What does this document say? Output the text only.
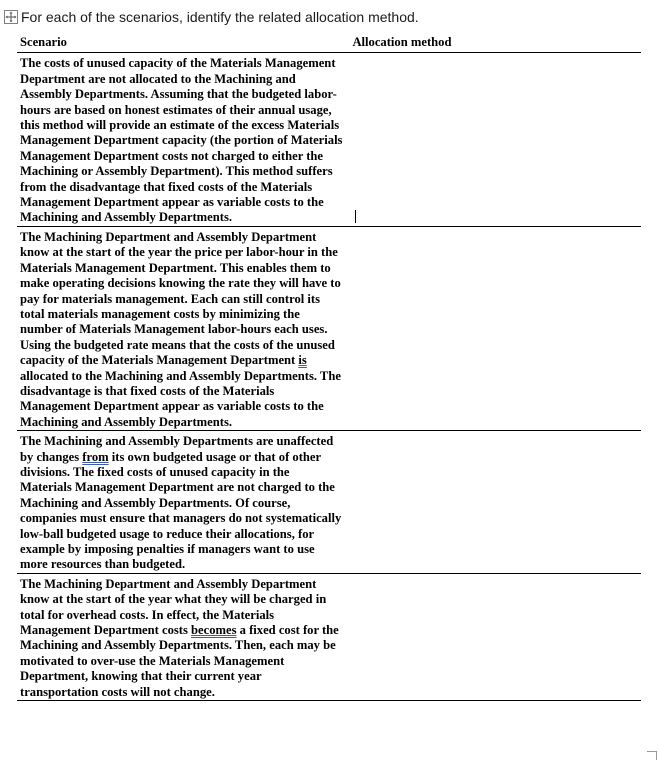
For each of the scenarios, identify the related allocation method.
Scenario	Allocation method

The costs of unused capacity of the Materials Management Department are not allocated to the Machining and Assembly Departments. Assuming that the budgeted labor-hours are based on honest estimates of their annual usage, this method will provide an estimate of the excess Materials Management Department capacity (the portion of Materials Management Department costs not charged to either the Machining or Assembly Department). This method suffers from the disadvantage that fixed costs of the Materials Management Department appear as variable costs to the Machining and Assembly Departments.	

The Machining Department and Assembly Department know at the start of the year the price per labor-hour in the Materials Management Department. This enables them to make operating decisions knowing the rate they will have to pay for materials management. Each can still control its total materials management costs by minimizing the number of Materials Management labor-hours each uses. Using the budgeted rate means that the costs of the unused capacity of the Materials Management Department is allocated to the Machining and Assembly Departments. The disadvantage is that fixed costs of the Materials Management Department appear as variable costs to the Machining and Assembly Departments.	

The Machining and Assembly Departments are unaffected by changes from its own budgeted usage or that of other divisions. The fixed costs of unused capacity in the Materials Management Department are not charged to the Machining and Assembly Departments. Of course, companies must ensure that managers do not systematically low-ball budgeted usage to reduce their allocations, for example by imposing penalties if managers want to use more resources than budgeted.	

The Machining Department and Assembly Department know at the start of the year what they will be charged in total for overhead costs. In effect, the Materials Management Department costs becomes a fixed cost for the Machining and Assembly Departments. Then, each may be motivated to over-use the Materials Management Department, knowing that their current year transportation costs will not change.	
